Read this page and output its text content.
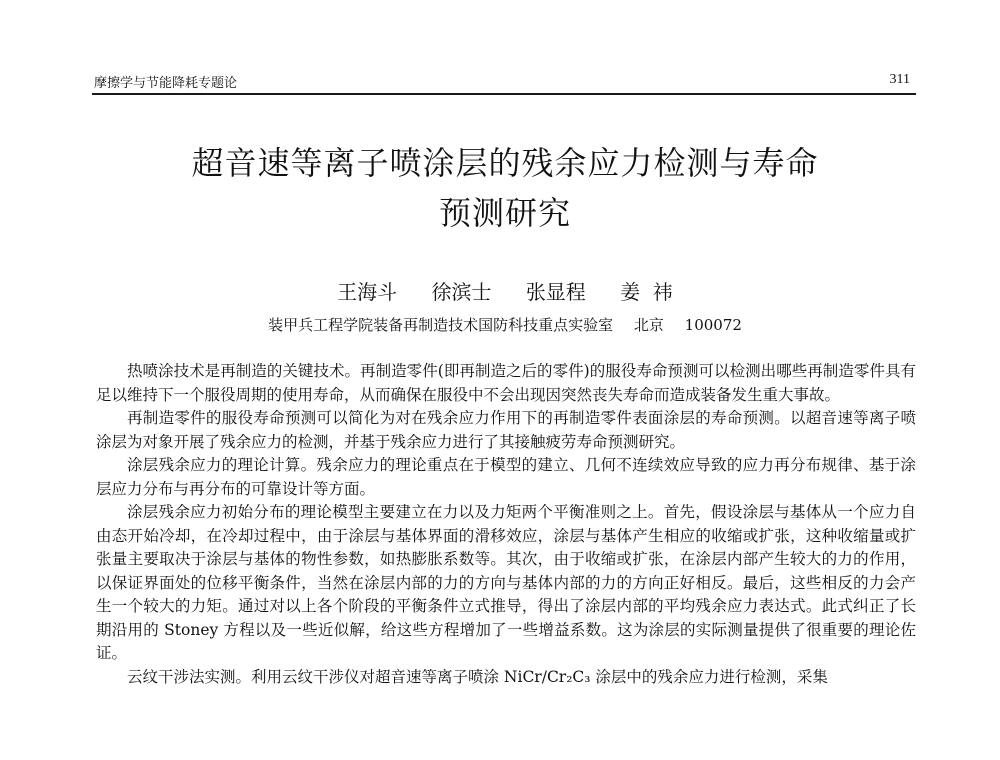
摩擦学与节能降耗专题论	311
超音速等离子喷涂层的残余应力检测与寿命
预测研究
王海斗 徐滨士 张显程 姜  祎
装甲兵工程学院装备再制造技术国防科技重点实验室 北京 100072

热喷涂技术是再制造的关键技术。再制造零件(即再制造之后的零件)的服役寿命预测可以检测出哪些再制造零件具有足以维持下一个服役周期的使用寿命，从而确保在服役中不会出现因突然丧失寿命而造成装备发生重大事故。

再制造零件的服役寿命预测可以简化为对在残余应力作用下的再制造零件表面涂层的寿命预测。以超音速等离子喷涂层为对象开展了残余应力的检测，并基于残余应力进行了其接触疲劳寿命预测研究。

涂层残余应力的理论计算。残余应力的理论重点在于模型的建立、几何不连续效应导致的应力再分布规律、基于涂层应力分布与再分布的可靠设计等方面。

涂层残余应力初始分布的理论模型主要建立在力以及力矩两个平衡准则之上。首先，假设涂层与基体从一个应力自由态开始冷却，在冷却过程中，由于涂层与基体界面的滑移效应，涂层与基体产生相应的收缩或扩张，这种收缩量或扩张量主要取决于涂层与基体的物性参数，如热膨胀系数等。其次，由于收缩或扩张，在涂层内部产生较大的力的作用，以保证界面处的位移平衡条件，当然在涂层内部的力的方向与基体内部的力的方向正好相反。最后，这些相反的力会产生一个较大的力矩。通过对以上各个阶段的平衡条件立式推导，得出了涂层内部的平均残余应力表达式。此式纠正了长期沿用的 Stoney 方程以及一些近似解，给这些方程增加了一些增益系数。这为涂层的实际测量提供了很重要的理论佐证。

云纹干涉法实测。利用云纹干涉仪对超音速等离子喷涂 NiCr/Cr₂C₃ 涂层中的残余应力进行检测，采集
